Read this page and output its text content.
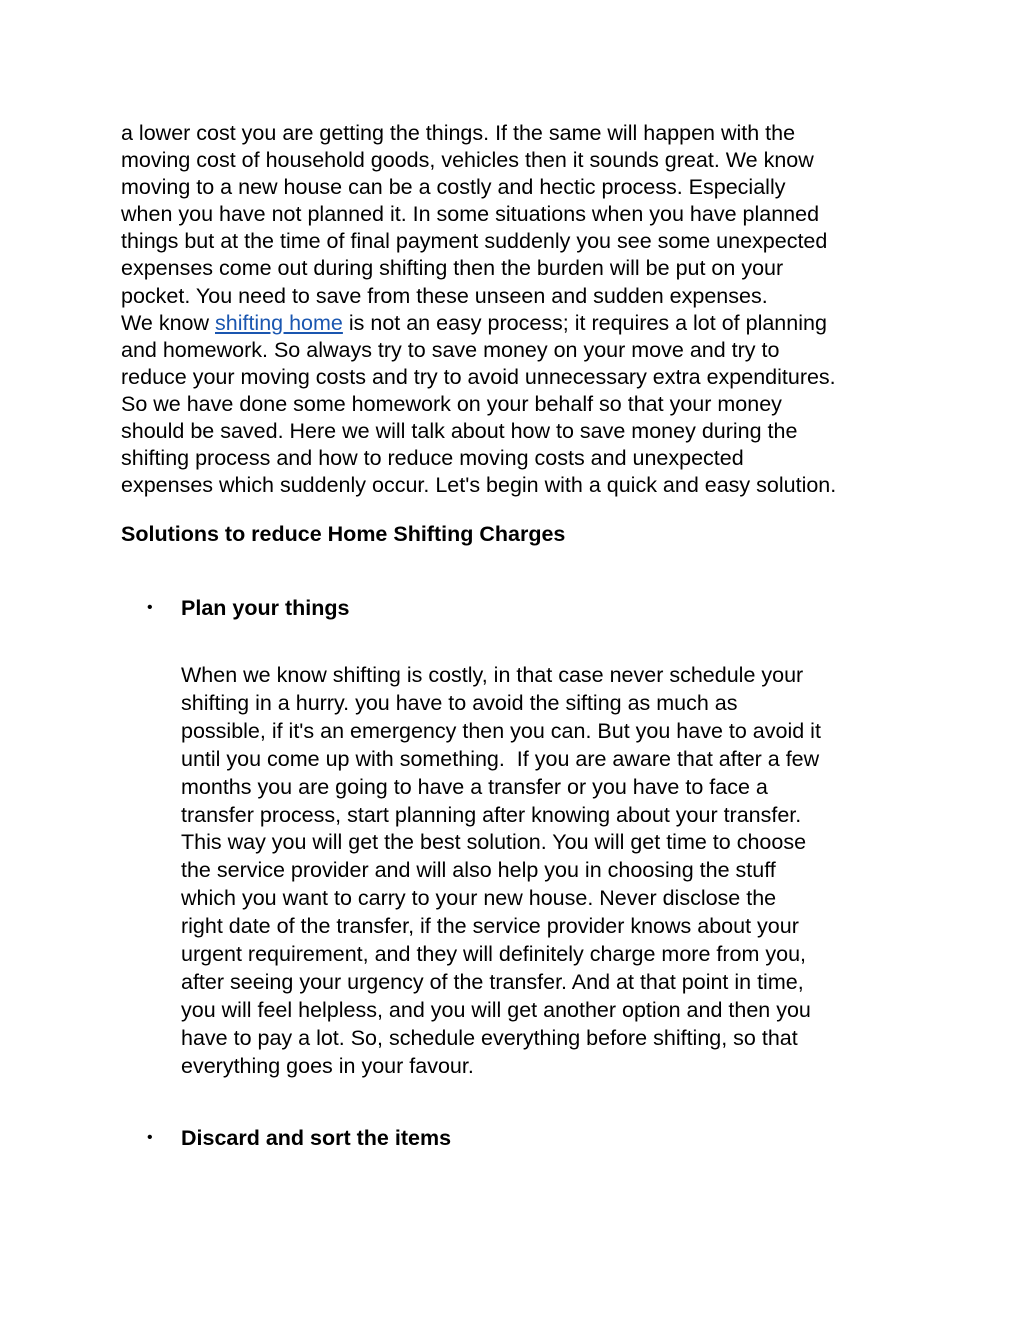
a lower cost you are getting the things. If the same will happen with the
moving cost of household goods, vehicles then it sounds great. We know
moving to a new house can be a costly and hectic process. Especially
when you have not planned it. In some situations when you have planned
things but at the time of final payment suddenly you see some unexpected
expenses come out during shifting then the burden will be put on your
pocket. You need to save from these unseen and sudden expenses.
We know shifting home is not an easy process; it requires a lot of planning
and homework. So always try to save money on your move and try to
reduce your moving costs and try to avoid unnecessary extra expenditures.
So we have done some homework on your behalf so that your money
should be saved. Here we will talk about how to save money during the
shifting process and how to reduce moving costs and unexpected
expenses which suddenly occur. Let's begin with a quick and easy solution.
Solutions to reduce Home Shifting Charges
• Plan your things
When we know shifting is costly, in that case never schedule your
shifting in a hurry. you have to avoid the sifting as much as
possible, if it's an emergency then you can. But you have to avoid it
until you come up with something.  If you are aware that after a few
months you are going to have a transfer or you have to face a
transfer process, start planning after knowing about your transfer.
This way you will get the best solution. You will get time to choose
the service provider and will also help you in choosing the stuff
which you want to carry to your new house. Never disclose the
right date of the transfer, if the service provider knows about your
urgent requirement, and they will definitely charge more from you,
after seeing your urgency of the transfer. And at that point in time,
you will feel helpless, and you will get another option and then you
have to pay a lot. So, schedule everything before shifting, so that
everything goes in your favour.
• Discard and sort the items
